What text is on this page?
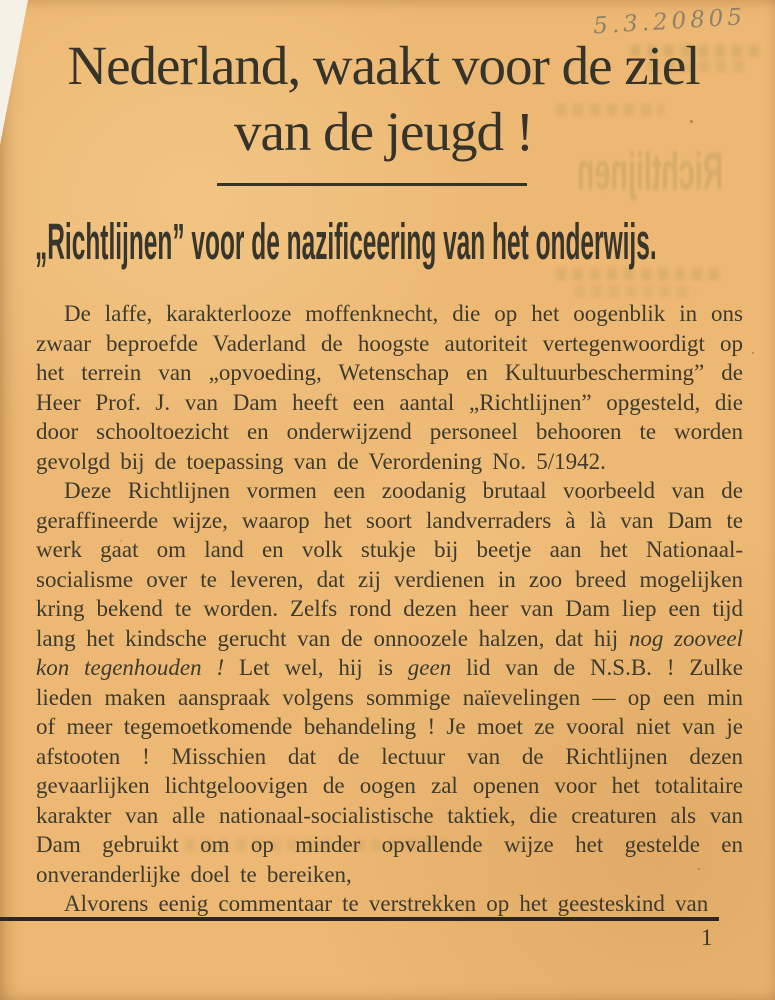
Richtlijnen
5.3.20805
Nederland, waakt voor de ziel
van de jeugd !
„Richtlijnen” voor de nazificeering van het onderwijs.

De laffe, karakterlooze moffenknecht, die op het oogenblik in ons zwaar beproefde Vaderland de hoogste autoriteit vertegenwoordigt op het terrein van „opvoeding, Wetenschap en Kultuurbescherming” de Heer Prof. J. van Dam heeft een aantal „Richtlijnen” opgesteld, die door schooltoezicht en onderwijzend personeel behooren te worden gevolgd bij de toepassing van de Verordening No. 5/1942.

Deze Richtlijnen vormen een zoodanig brutaal voorbeeld van de geraffineerde wijze, waarop het soort landverraders à là van Dam te werk gaat om land en volk stukje bij beetje aan het Nationaal-socialisme over te leveren, dat zij verdienen in zoo breed mogelijken kring bekend te worden. Zelfs rond dezen heer van Dam liep een tijd lang het kindsche gerucht van de onnoozele halzen, dat hij nog zooveel kon tegenhouden ! Let wel, hij is geen lid van de N.S.B. ! Zulke lieden maken aanspraak volgens sommige naïevelingen — op een min of meer tegemoetkomende behandeling ! Je moet ze vooral niet van je afstooten ! Misschien dat de lectuur van de Richtlijnen dezen gevaarlijken lichtgeloovigen de oogen zal openen voor het totalitaire karakter van alle nationaal-socialistische taktiek, die creaturen als van Dam gebruikt om op minder opvallende wijze het gestelde en onveranderlijke doel te bereiken,

Alvorens eenig commentaar te verstrekken op het geesteskind van

1
